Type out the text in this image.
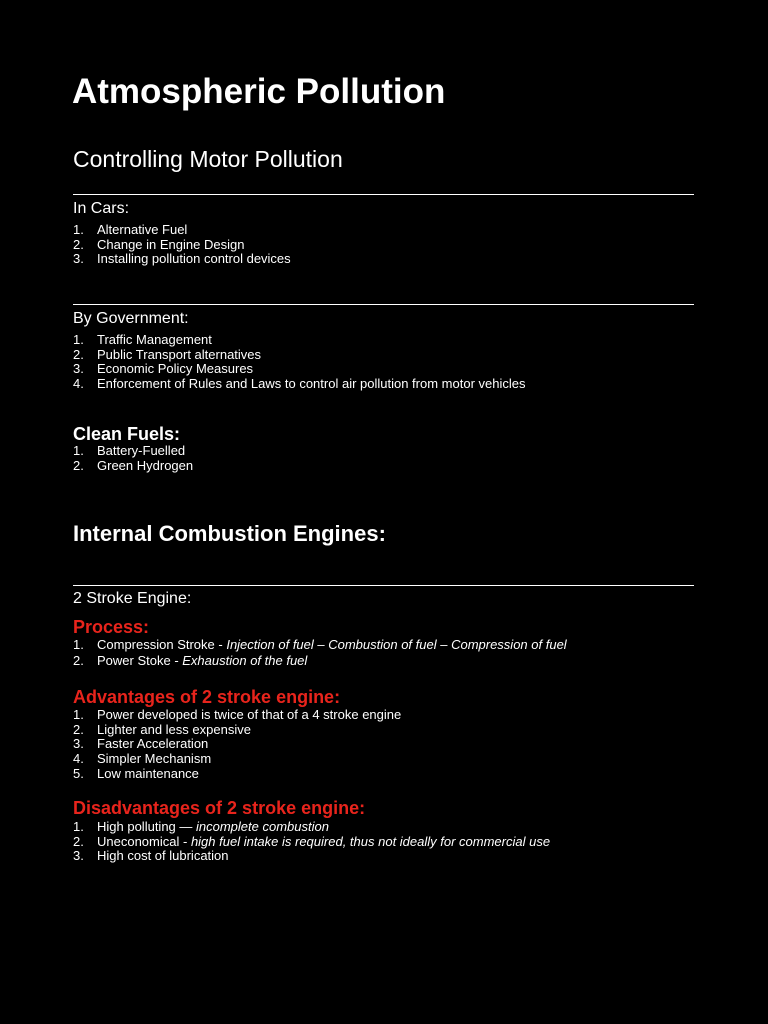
Atmospheric Pollution
Controlling Motor Pollution
In Cars:
1. Alternative Fuel
2. Change in Engine Design
3. Installing pollution control devices
By Government:
1. Traffic Management
2. Public Transport alternatives
3. Economic Policy Measures
4. Enforcement of Rules and Laws to control air pollution from motor vehicles
Clean Fuels:
1. Battery-Fuelled
2. Green Hydrogen
Internal Combustion Engines:
2 Stroke Engine:
Process:
1. Compression Stroke - Injection of fuel – Combustion of fuel – Compression of fuel
2. Power Stoke - Exhaustion of the fuel
Advantages of 2 stroke engine:
1. Power developed is twice of that of a 4 stroke engine
2. Lighter and less expensive
3. Faster Acceleration
4. Simpler Mechanism
5. Low maintenance
Disadvantages of 2 stroke engine:
1. High polluting — incomplete combustion
2. Uneconomical - high fuel intake is required, thus not ideally for commercial use
3. High cost of lubrication
